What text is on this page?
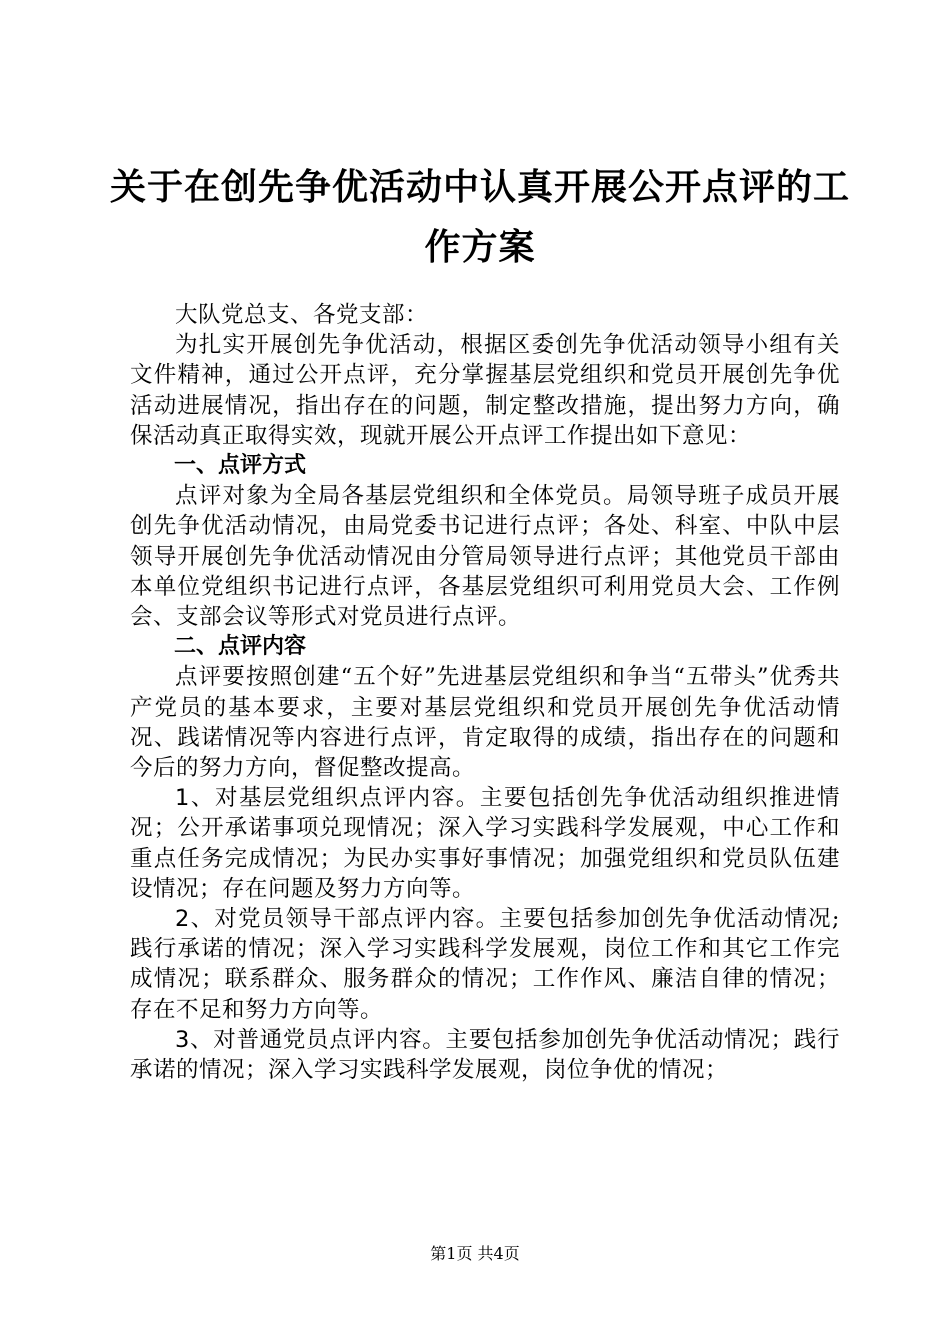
关于在创先争优活动中认真开展公开点评的工作方案

大队党总支、各党支部：

为扎实开展创先争优活动，根据区委创先争优活动领导小组有关文件精神，通过公开点评，充分掌握基层党组织和党员开展创先争优活动进展情况，指出存在的问题，制定整改措施，提出努力方向，确保活动真正取得实效，现就开展公开点评工作提出如下意见：

一、点评方式

点评对象为全局各基层党组织和全体党员。局领导班子成员开展创先争优活动情况，由局党委书记进行点评；各处、科室、中队中层领导开展创先争优活动情况由分管局领导进行点评；其他党员干部由本单位党组织书记进行点评，各基层党组织可利用党员大会、工作例会、支部会议等形式对党员进行点评。

二、点评内容

点评要按照创建“五个好”先进基层党组织和争当“五带头”优秀共产党员的基本要求，主要对基层党组织和党员开展创先争优活动情况、践诺情况等内容进行点评，肯定取得的成绩，指出存在的问题和今后的努力方向，督促整改提高。

1、对基层党组织点评内容。主要包括创先争优活动组织推进情况；公开承诺事项兑现情况；深入学习实践科学发展观，中心工作和重点任务完成情况；为民办实事好事情况；加强党组织和党员队伍建设情况；存在问题及努力方向等。

2、对党员领导干部点评内容。主要包括参加创先争优活动情况;践行承诺的情况；深入学习实践科学发展观，岗位工作和其它工作完成情况；联系群众、服务群众的情况；工作作风、廉洁自律的情况；存在不足和努力方向等。

3、对普通党员点评内容。主要包括参加创先争优活动情况；践行承诺的情况；深入学习实践科学发展观，岗位争优的情况；

第1页 共4页
